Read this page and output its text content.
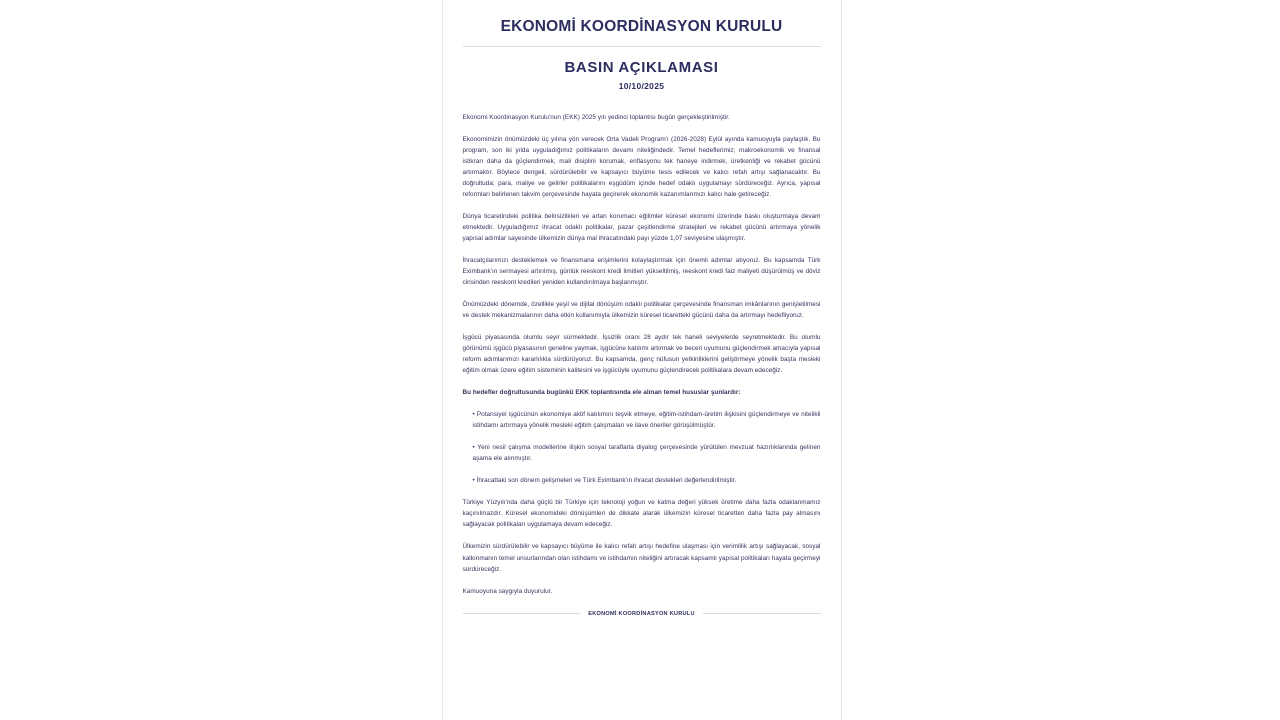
EKONOMİ KOORDİNASYON KURULU
BASIN AÇIKLAMASI
10/10/2025

Ekonomi Koordinasyon Kurulu'nun (EKK) 2025 yılı yedinci toplantısı bugün gerçekleştirilmiştir.

Ekonomimizin önümüzdeki üç yılına yön verecek Orta Vadeli Program'ı (2026-2028) Eylül ayında kamuoyuyla paylaştık. Bu program, son iki yılda uyguladığımız politikaların devamı niteliğindedir. Temel hedeflerimiz; makroekonomik ve finansal istikrarı daha da güçlendirmek, mali disiplini korumak, enflasyonu tek haneye indirmek, üretkenliği ve rekabet gücünü artırmaktır. Böylece dengeli, sürdürülebilir ve kapsayıcı büyüme tesis edilecek ve kalıcı refah artışı sağlanacaktır. Bu doğrultuda; para, maliye ve gelirler politikalarını eşgüdüm içinde hedef odaklı uygulamayı sürdüreceğiz. Ayrıca, yapısal reformları belirlenen takvim çerçevesinde hayata geçirerek ekonomik kazanımlarımızı kalıcı hale getireceğiz.

Dünya ticaretindeki politika belirsizlikleri ve artan korumacı eğilimler küresel ekonomi üzerinde baskı oluşturmaya devam etmektedir. Uyguladığımız ihracat odaklı politikalar, pazar çeşitlendirme stratejileri ve rekabet gücünü artırmaya yönelik yapısal adımlar sayesinde ülkemizin dünya mal ihracatındaki payı yüzde 1,07 seviyesine ulaşmıştır.

İhracatçılarımızı desteklemek ve finansmana erişimlerini kolaylaştırmak için önemli adımlar atıyoruz. Bu kapsamda Türk Eximbank'ın sermayesi artırılmış, günlük reeskont kredi limitleri yükseltilmiş, reeskont kredi faiz maliyeti düşürülmüş ve döviz cinsinden reeskont kredileri yeniden kullandırılmaya başlanmıştır.

Önümüzdeki dönemde, özellikle yeşil ve dijital dönüşüm odaklı politikalar çerçevesinde finansman imkânlarının genişletilmesi ve destek mekanizmalarının daha etkin kullanımıyla ülkemizin küresel ticaretteki gücünü daha da artırmayı hedefliyoruz.

İşgücü piyasasında olumlu seyir sürmektedir. İşsizlik oranı 28 aydır tek haneli seviyelerde seyretmektedir. Bu olumlu görünümü işgücü piyasasının geneline yaymak, işgücüne katılımı artırmak ve beceri uyumunu güçlendirmek amacıyla yapısal reform adımlarımızı kararlılıkla sürdürüyoruz. Bu kapsamda, genç nüfusun yetkinliklerini geliştirmeye yönelik başta mesleki eğitim olmak üzere eğitim sisteminin kalitesini ve işgücüyle uyumunu güçlendirecek politikalara devam edeceğiz.

Bu hedefler doğrultusunda bugünkü EKK toplantısında ele alınan temel hususlar şunlardır:

• Potansiyel işgücünün ekonomiye aktif katılımını teşvik etmeye, eğitim-istihdam-üretim ilişkisini güçlendirmeye ve nitelikli istihdamı artırmaya yönelik mesleki eğitim çalışmaları ve ilave öneriler görüşülmüştür.

• Yeni nesil çalışma modellerine ilişkin sosyal taraflarla diyalog çerçevesinde yürütülen mevzuat hazırlıklarında gelinen aşama ele alınmıştır.

• İhracattaki son dönem gelişmeleri ve Türk Eximbank'ın ihracat destekleri değerlendirilmiştir.

Türkiye Yüzyılı'nda daha güçlü bir Türkiye için teknoloji yoğun ve katma değeri yüksek üretime daha fazla odaklanmamız kaçınılmazdır. Küresel ekonomideki dönüşümleri de dikkate alarak ülkemizin küresel ticaretten daha fazla pay almasını sağlayacak politikaları uygulamaya devam edeceğiz.

Ülkemizin sürdürülebilir ve kapsayıcı büyüme ile kalıcı refah artışı hedefine ulaşması için verimlilik artışı sağlayacak, sosyal kalkınmanın temel unsurlarından olan istihdamı ve istihdamın niteliğini artıracak kapsamlı yapısal politikaları hayata geçirmeyi sürdüreceğiz.

Kamuoyuna saygıyla duyurulur.

EKONOMİ KOORDİNASYON KURULU
